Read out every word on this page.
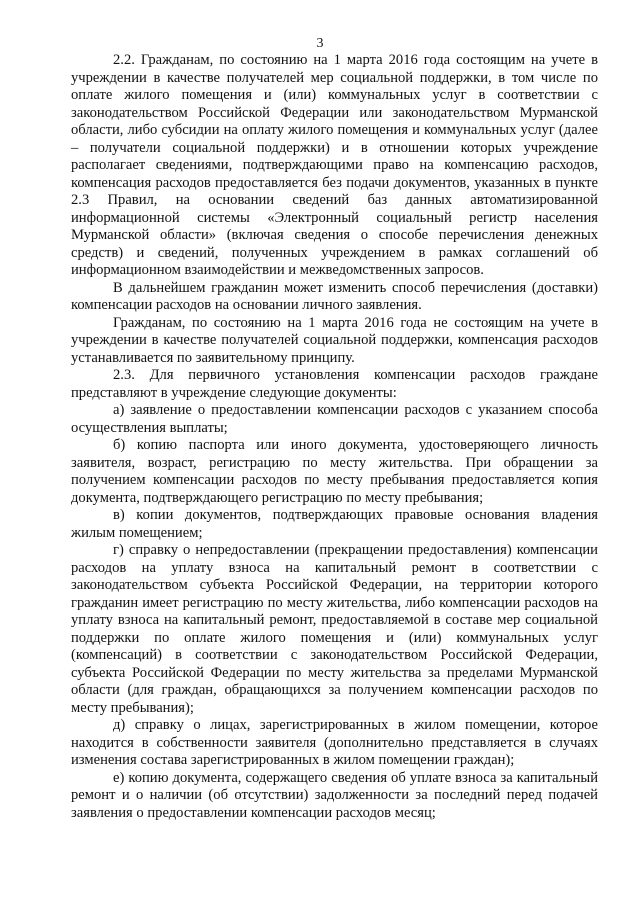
3

2.2. Гражданам, по состоянию на 1 марта 2016 года состоящим на учете в учреждении в качестве получателей мер социальной поддержки, в том числе по оплате жилого помещения и (или) коммунальных услуг в соответствии с законодательством Российской Федерации или законодательством Мурманской области, либо субсидии на оплату жилого помещения и коммунальных услуг (далее – получатели социальной поддержки) и в отношении которых учреждение располагает сведениями, подтверждающими право на компенсацию расходов, компенсация расходов предоставляется без подачи документов, указанных в пункте 2.3 Правил, на основании сведений баз данных автоматизированной информационной системы «Электронный социальный регистр населения Мурманской области» (включая сведения о способе перечисления денежных средств) и сведений, полученных учреждением в рамках соглашений об информационном взаимодействии и межведомственных запросов.

В дальнейшем гражданин может изменить способ перечисления (доставки) компенсации расходов на основании личного заявления.

Гражданам, по состоянию на 1 марта 2016 года не состоящим на учете в учреждении в качестве получателей социальной поддержки, компенсация расходов устанавливается по заявительному принципу.

2.3. Для первичного установления компенсации расходов граждане представляют в учреждение следующие документы:

а) заявление о предоставлении компенсации расходов с указанием способа осуществления выплаты;

б) копию паспорта или иного документа, удостоверяющего личность заявителя, возраст, регистрацию по месту жительства. При обращении за получением компенсации расходов по месту пребывания предоставляется копия документа, подтверждающего регистрацию по месту пребывания;

в) копии документов, подтверждающих правовые основания владения жилым помещением;

г) справку о непредоставлении (прекращении предоставления) компенсации расходов на уплату взноса на капитальный ремонт в соответствии с законодательством субъекта Российской Федерации, на территории которого гражданин имеет регистрацию по месту жительства, либо компенсации расходов на уплату взноса на капитальный ремонт, предоставляемой в составе мер социальной поддержки по оплате жилого помещения и (или) коммунальных услуг (компенсаций) в соответствии с законодательством Российской Федерации, субъекта Российской Федерации по месту жительства за пределами Мурманской области (для граждан, обращающихся за получением компенсации расходов по месту пребывания);

д) справку о лицах, зарегистрированных в жилом помещении, которое находится в собственности заявителя (дополнительно представляется в случаях изменения состава зарегистрированных в жилом помещении граждан);

е) копию документа, содержащего сведения об уплате взноса за капитальный ремонт и о наличии (об отсутствии) задолженности за последний перед подачей заявления о предоставлении компенсации расходов месяц;
